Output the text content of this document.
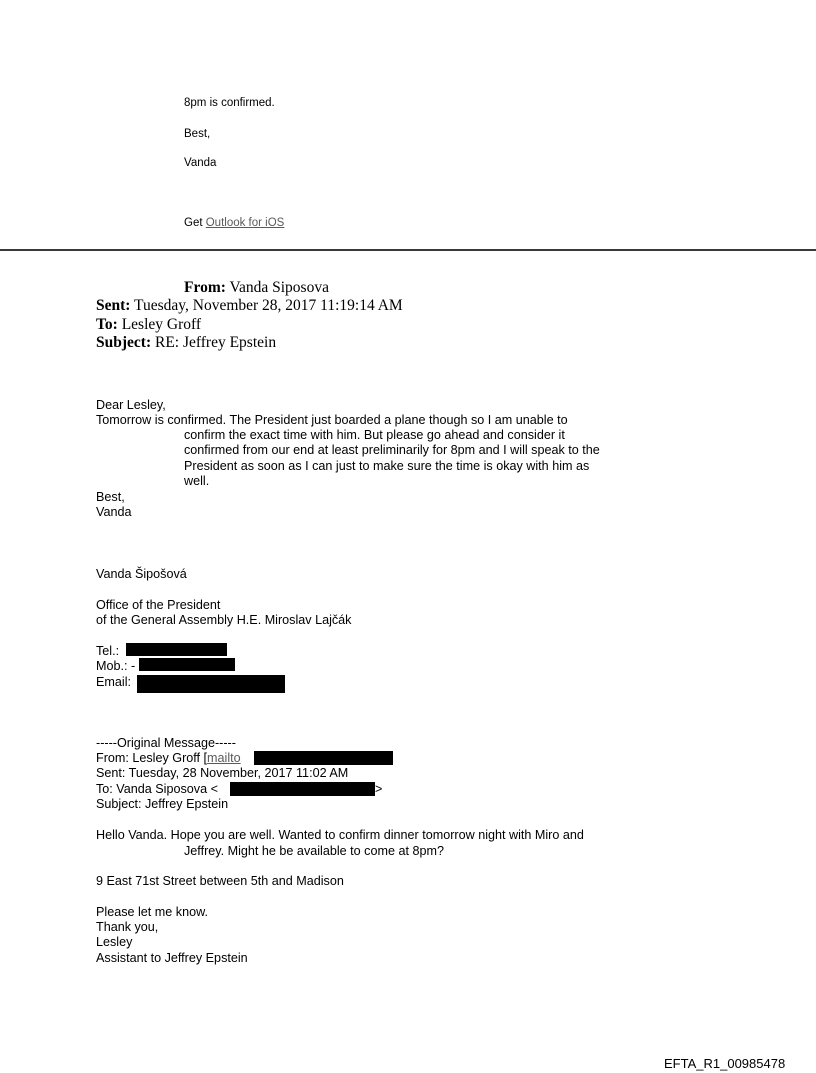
8pm is confirmed.
Best,
Vanda
Get Outlook for iOS
From: Vanda Siposova
Sent: Tuesday, November 28, 2017 11:19:14 AM
To: Lesley Groff
Subject: RE: Jeffrey Epstein
Dear Lesley,
Tomorrow is confirmed. The President just boarded a plane though so I am unable to
confirm the exact time with him. But please go ahead and consider it
confirmed from our end at least preliminarily for 8pm and I will speak to the
President as soon as I can just to make sure the time is okay with him as
well.
Best,
Vanda
Vanda Šipošová
Office of the President
of the General Assembly H.E. Miroslav Lajčák
Tel.:
Mob.: -
Email:
-----Original Message-----
From: Lesley Groff [mailto
Sent: Tuesday, 28 November, 2017 11:02 AM
To: Vanda Siposova <	>
Subject: Jeffrey Epstein
Hello Vanda. Hope you are well. Wanted to confirm dinner tomorrow night with Miro and
Jeffrey. Might he be available to come at 8pm?
9 East 71st Street between 5th and Madison
Please let me know.
Thank you,
Lesley
Assistant to Jeffrey Epstein
EFTA_R1_00985478
